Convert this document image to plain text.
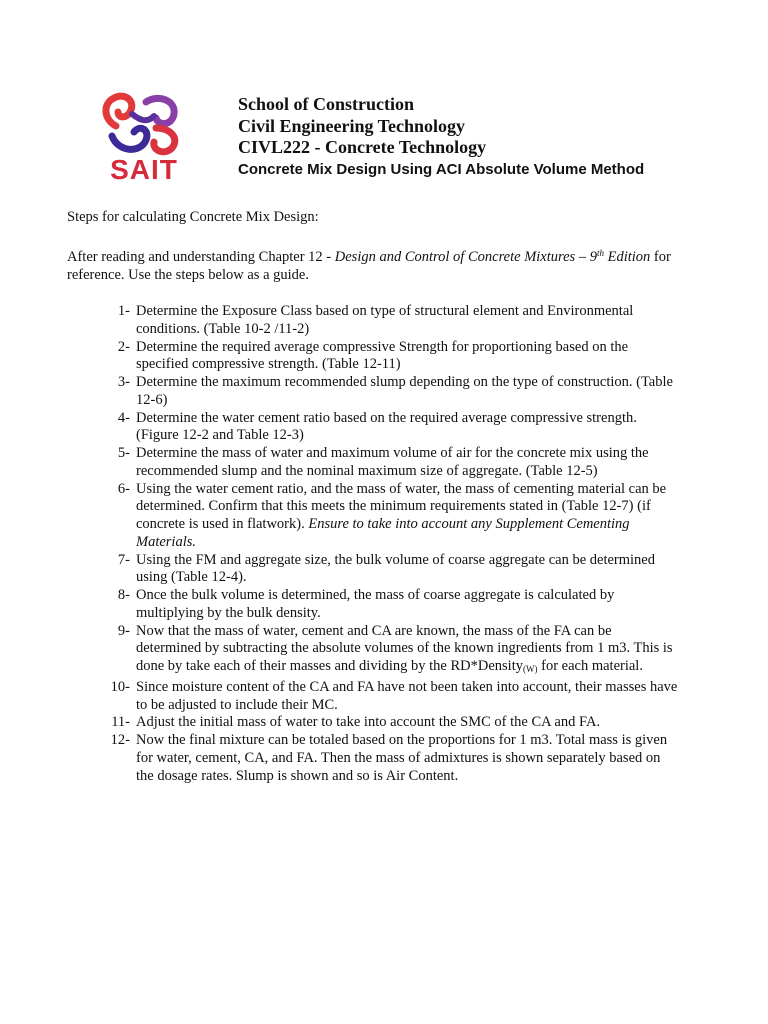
SAIT
School of Construction
Civil Engineering Technology
CIVL222 - Concrete Technology
Concrete Mix Design Using ACI Absolute Volume Method
Steps for calculating Concrete Mix Design:
After reading and understanding Chapter 12 - Design and Control of Concrete Mixtures – 9th Edition for reference. Use the steps below as a guide.
1- Determine the Exposure Class based on type of structural element and Environmental conditions. (Table 10-2 /11-2)
2- Determine the required average compressive Strength for proportioning based on the specified compressive strength. (Table 12-11)
3- Determine the maximum recommended slump depending on the type of construction. (Table 12-6)
4- Determine the water cement ratio based on the required average compressive strength. (Figure 12-2 and Table 12-3)
5- Determine the mass of water and maximum volume of air for the concrete mix using the recommended slump and the nominal maximum size of aggregate. (Table 12-5)
6- Using the water cement ratio, and the mass of water, the mass of cementing material can be determined. Confirm that this meets the minimum requirements stated in (Table 12-7) (if concrete is used in flatwork). Ensure to take into account any Supplement Cementing Materials.
7- Using the FM and aggregate size, the bulk volume of coarse aggregate can be determined using (Table 12-4).
8- Once the bulk volume is determined, the mass of coarse aggregate is calculated by multiplying by the bulk density.
9- Now that the mass of water, cement and CA are known, the mass of the FA can be determined by subtracting the absolute volumes of the known ingredients from 1 m3. This is done by take each of their masses and dividing by the RD*Density$_{(W)}$ for each material.
10- Since moisture content of the CA and FA have not been taken into account, their masses have to be adjusted to include their MC.
11- Adjust the initial mass of water to take into account the SMC of the CA and FA.
12- Now the final mixture can be totaled based on the proportions for 1 m3. Total mass is given for water, cement, CA, and FA. Then the mass of admixtures is shown separately based on the dosage rates. Slump is shown and so is Air Content.
